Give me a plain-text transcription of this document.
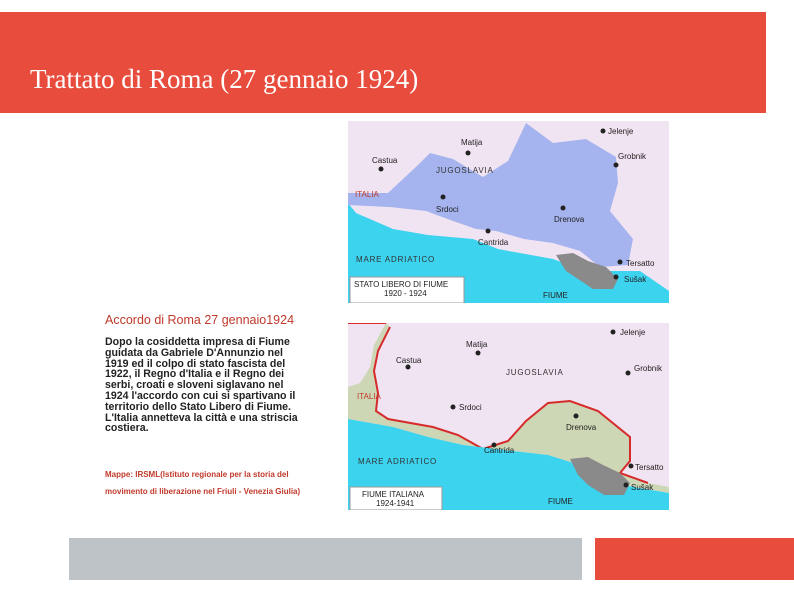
Trattato di Roma (27 gennaio 1924)
STATO LIBERO DI FIUME
1920 - 1924
Jelenje
Matija
Castua	Grobnik
Srdoci
Drenova
Cantrida
Tersatto
Sušak
JUGOSLAVIA
ITALIA
MARE ADRIATICO
FIUME
FIUME ITALIANA
1924-1941
Jelenje
Matija
Castua
Grobnik
Srdoci
Drenova
Cantrida
Tersatto
Sušak
JUGOSLAVIA
ITALIA
MARE ADRIATICO
FIUME
Accordo di Roma 27 gennaio1924
Dopo la cosiddetta impresa di Fiume
guidata da Gabriele D'Annunzio nel
1919 ed il colpo di stato fascista del
1922, il Regno d'Italia e il Regno dei
serbi, croati e sloveni siglavano nel
1924 l'accordo con cui si spartivano il
territorio dello Stato Libero di Fiume.
L'Italia annetteva la città e una striscia
costiera.
Mappe: IRSML(Istituto regionale per la storia del
movimento di liberazione nel Friuli - Venezia Giulia)
